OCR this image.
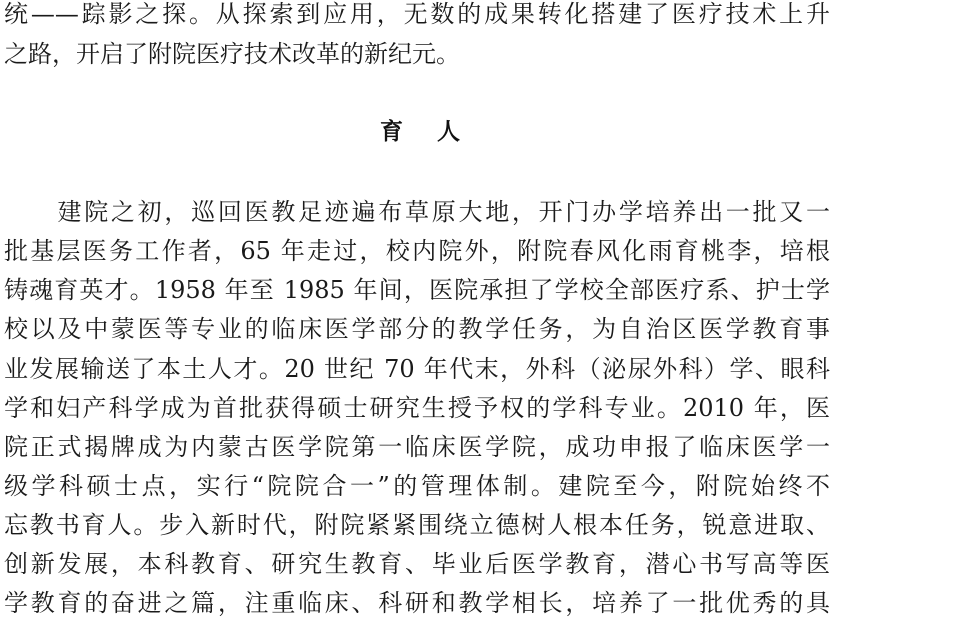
统——踪影之探。从探索到应用，无数的成果转化搭建了医疗技术上升

之路，开启了附院医疗技术改革的新纪元。

育 人

　　建院之初，巡回医教足迹遍布草原大地，开门办学培养出一批又一

批基层医务工作者，65 年走过，校内院外，附院春风化雨育桃李，培根

铸魂育英才。1958 年至 1985 年间，医院承担了学校全部医疗系、护士学

校以及中蒙医等专业的临床医学部分的教学任务，为自治区医学教育事

业发展输送了本土人才。20 世纪 70 年代末，外科（泌尿外科）学、眼科

学和妇产科学成为首批获得硕士研究生授予权的学科专业。2010 年，医

院正式揭牌成为内蒙古医学院第一临床医学院，成功申报了临床医学一

级学科硕士点，实行“院院合一”的管理体制。建院至今，附院始终不

忘教书育人。步入新时代，附院紧紧围绕立德树人根本任务，锐意进取、

创新发展，本科教育、研究生教育、毕业后医学教育，潜心书写高等医

学教育的奋进之篇，注重临床、科研和教学相长，培养了一批优秀的具
